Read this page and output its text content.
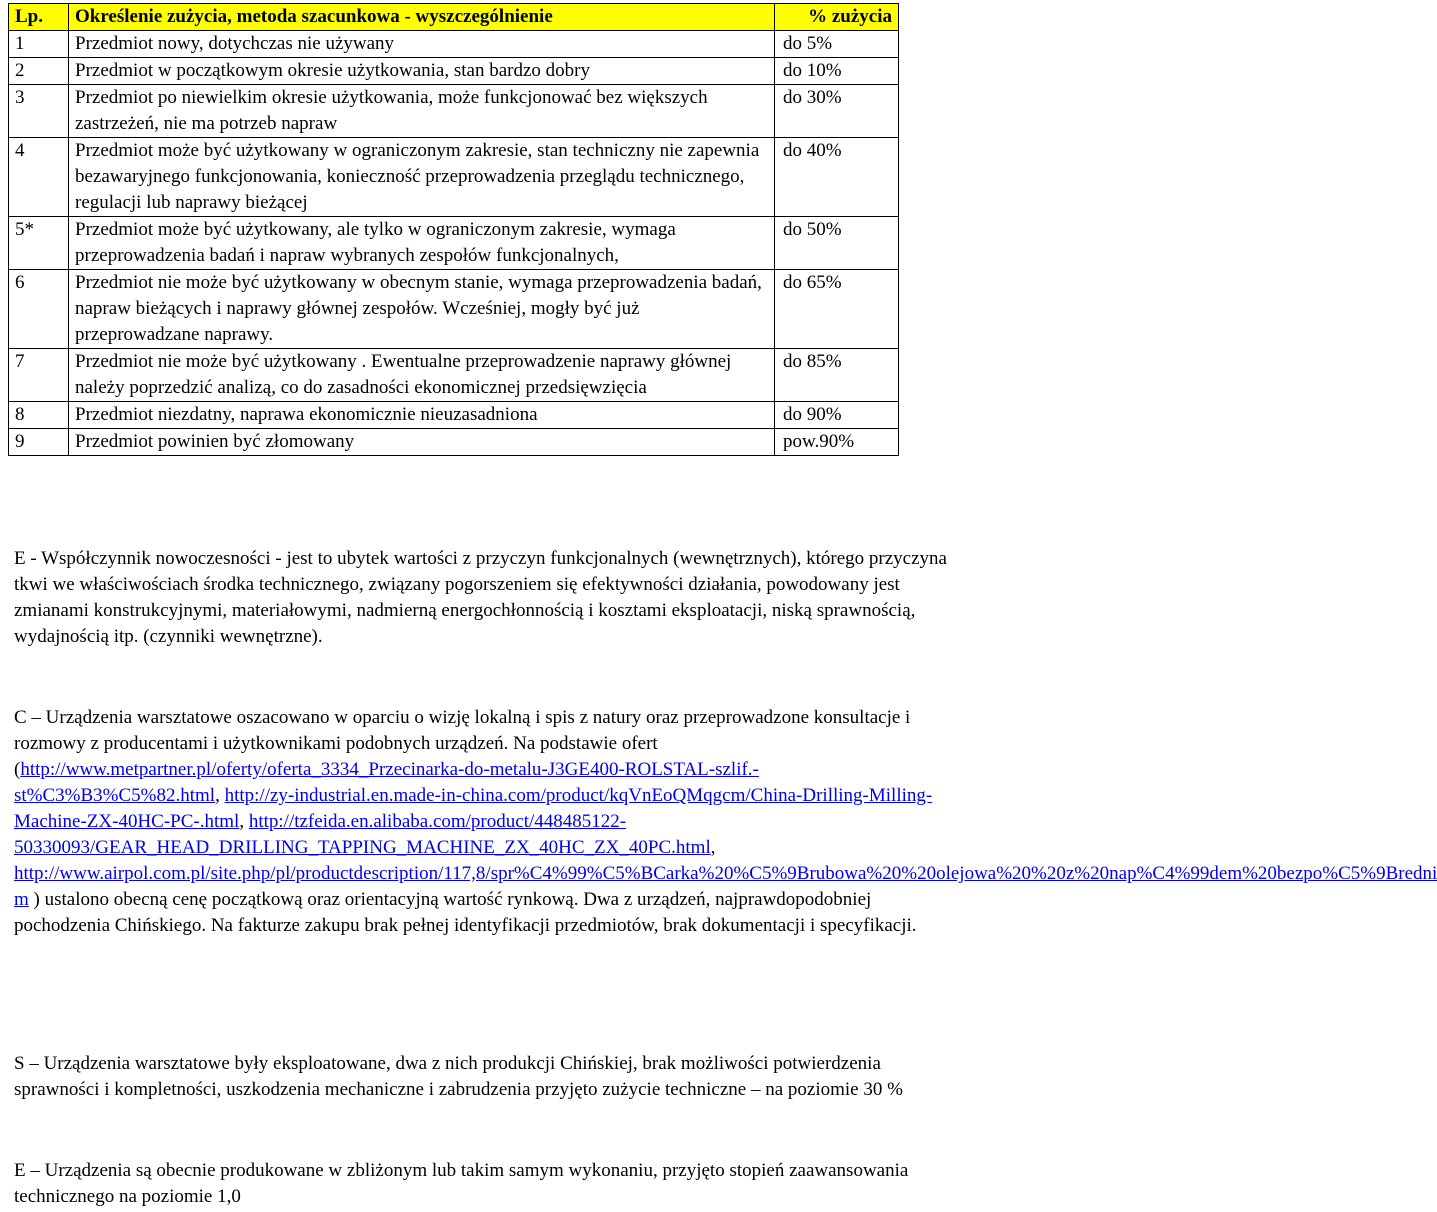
Lp.	Określenie zużycia, metoda szacunkowa - wyszczególnienie	% zużycia
1	Przedmiot nowy, dotychczas nie używany	do 5%
2	Przedmiot w początkowym okresie użytkowania, stan bardzo dobry	do 10%
3	Przedmiot po niewielkim okresie użytkowania, może funkcjonować bez większych zastrzeżeń, nie ma potrzeb napraw	do 30%
4	Przedmiot może być użytkowany w ograniczonym zakresie, stan techniczny nie zapewnia bezawaryjnego funkcjonowania, konieczność przeprowadzenia przeglądu technicznego, regulacji lub naprawy bieżącej	do 40%
5*	Przedmiot może być użytkowany, ale tylko w ograniczonym zakresie, wymaga przeprowadzenia badań i napraw wybranych zespołów funkcjonalnych,	do 50%
6	Przedmiot nie może być użytkowany w obecnym stanie, wymaga przeprowadzenia badań, napraw bieżących i naprawy głównej zespołów. Wcześniej, mogły być już przeprowadzane naprawy.	do 65%
7	Przedmiot nie może być użytkowany . Ewentualne przeprowadzenie naprawy głównej należy poprzedzić analizą, co do zasadności ekonomicznej przedsięwzięcia	do 85%
8	Przedmiot niezdatny, naprawa ekonomicznie nieuzasadniona	do 90%
9	Przedmiot powinien być złomowany	pow.90%

E - Współczynnik nowoczesności - jest to ubytek wartości z przyczyn funkcjonalnych (wewnętrznych), którego przyczyna tkwi we właściwościach środka technicznego, związany pogorszeniem się efektywności działania, powodowany jest zmianami konstrukcyjnymi, materiałowymi, nadmierną energochłonnością i kosztami eksploatacji, niską sprawnością, wydajnością itp. (czynniki wewnętrzne).

C – Urządzenia warsztatowe oszacowano w oparciu o wizję lokalną i spis z natury oraz przeprowadzone konsultacje i rozmowy z producentami i użytkownikami podobnych urządzeń. Na podstawie ofert (http://www.metpartner.pl/oferty/oferta_3334_Przecinarka-do-metalu-J3GE400-ROLSTAL-szlif.-st%C3%B3%C5%82.html, http://zy-industrial.en.made-in-china.com/product/kqVnEoQMqgcm/China-Drilling-Milling-Machine-ZX-40HC-PC-.html, http://tzfeida.en.alibaba.com/product/448485122-50330093/GEAR_HEAD_DRILLING_TAPPING_MACHINE_ZX_40HC_ZX_40PC.html, http://www.airpol.com.pl/site.php/pl/productdescription/117,8/spr%C4%99%C5%BCarka%20%C5%9Brubowa%20%20olejowa%20%20z%20nap%C4%99dem%20bezpo%C5%9Bredni m ) ustalono obecną cenę początkową oraz orientacyjną wartość rynkową. Dwa z urządzeń, najprawdopodobniej pochodzenia Chińskiego. Na fakturze zakupu brak pełnej identyfikacji przedmiotów, brak dokumentacji i specyfikacji.

S – Urządzenia warsztatowe były eksploatowane, dwa z nich produkcji Chińskiej, brak możliwości potwierdzenia sprawności i kompletności, uszkodzenia mechaniczne i zabrudzenia przyjęto zużycie techniczne – na poziomie 30 %

E – Urządzenia są obecnie produkowane w zbliżonym lub takim samym wykonaniu, przyjęto stopień zaawansowania technicznego na poziomie 1,0
